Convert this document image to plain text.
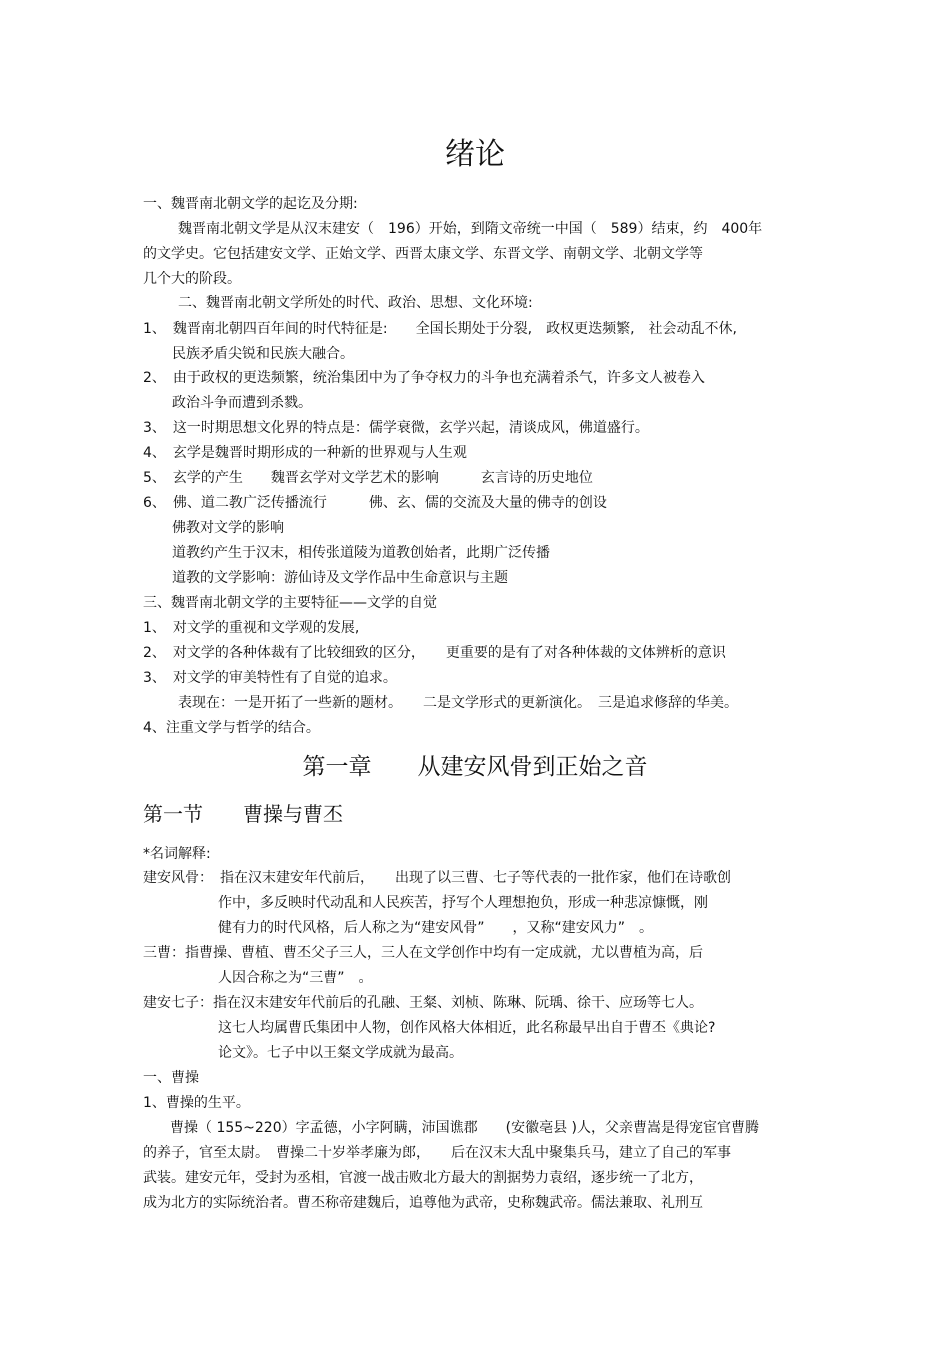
绪论
一、魏晋南北朝文学的起讫及分期:
魏晋南北朝文学是从汉末建安（　196）开始，到隋文帝统一中国（　589）结束，约　400年
的文学史。它包括建安文学、正始文学、西晋太康文学、东晋文学、南朝文学、北朝文学等
几个大的阶段。
二、魏晋南北朝文学所处的时代、政治、思想、文化环境:
1、　魏晋南北朝四百年间的时代特征是:　　全国长期处于分裂,　政权更迭频繁,　社会动乱不休,
民族矛盾尖锐和民族大融合。
2、　由于政权的更迭频繁，统治集团中为了争夺权力的斗争也充满着杀气，许多文人被卷入
政治斗争而遭到杀戮。
3、　这一时期思想文化界的特点是：儒学衰微，玄学兴起，清谈成风，佛道盛行。
4、　玄学是魏晋时期形成的一种新的世界观与人生观
5、　玄学的产生　　魏晋玄学对文学艺术的影响　　　玄言诗的历史地位
6、　佛、道二教广泛传播流行　　　佛、玄、儒的交流及大量的佛寺的创设
佛教对文学的影响
道教约产生于汉末，相传张道陵为道教创始者，此期广泛传播
道教的文学影响：游仙诗及文学作品中生命意识与主题
三、魏晋南北朝文学的主要特征——文学的自觉
1、　对文学的重视和文学观的发展,
2、　对文学的各种体裁有了比较细致的区分，　　更重要的是有了对各种体裁的文体辨析的意识
3、　对文学的审美特性有了自觉的追求。
表现在：一是开拓了一些新的题材。　　二是文学形式的更新演化。　三是追求修辞的华美。
4、注重文学与哲学的结合。
第一章　　从建安风骨到正始之音
第一节　　曹操与曹丕
*名词解释:
建安风骨：　指在汉末建安年代前后，　　出现了以三曹、七子等代表的一批作家，他们在诗歌创
作中，多反映时代动乱和人民疾苦，抒写个人理想抱负，形成一种悲凉慷慨，刚
健有力的时代风格，后人称之为“建安风骨”　　，又称“建安风力”　。
三曹：指曹操、曹植、曹丕父子三人，三人在文学创作中均有一定成就，尤以曹植为高，后
人因合称之为“三曹”　。
建安七子：指在汉末建安年代前后的孔融、王粲、刘桢、陈琳、阮瑀、徐干、应玚等七人。
这七人均属曹氏集团中人物，创作风格大体相近，此名称最早出自于曹丕《典论?
论文》。七子中以王粲文学成就为最高。
一、曹操
1、曹操的生平。
曹操（ 155~220）字孟德，小字阿瞒，沛国谯郡　　(安徽亳县 )人，父亲曹嵩是得宠宦官曹腾
的养子，官至太尉。　曹操二十岁举孝廉为郎，　　后在汉末大乱中聚集兵马，建立了自己的军事
武装。建安元年，受封为丞相，官渡一战击败北方最大的割据势力袁绍，逐步统一了北方，
成为北方的实际统治者。曹丕称帝建魏后，追尊他为武帝，史称魏武帝。儒法兼取、礼刑互
